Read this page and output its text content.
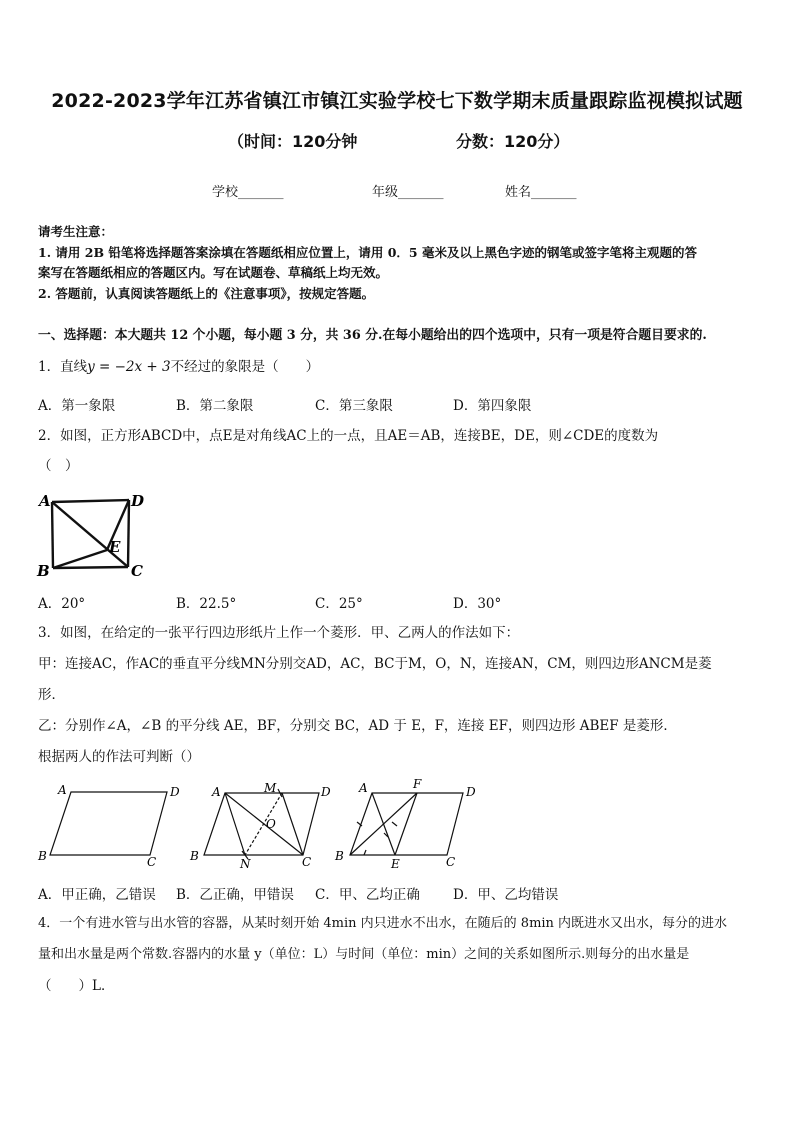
2022-2023学年江苏省镇江市镇江实验学校七下数学期末质量跟踪监视模拟试题
（时间：120分钟	分数：120分）
学校_______	年级_______	姓名_______
请考生注意：
1. 请用 2B 铅笔将选择题答案涂填在答题纸相应位置上，请用 0．5 毫米及以上黑色字迹的钢笔或签字笔将主观题的答
案写在答题纸相应的答题区内。写在试题卷、草稿纸上均无效。
2. 答题前，认真阅读答题纸上的《注意事项》，按规定答题。
一、选择题：本大题共 12 个小题，每小题 3 分，共 36 分.在每小题给出的四个选项中，只有一项是符合题目要求的.
1．直线y = −2x + 3不经过的象限是（　　）
A．第一象限	B．第二象限	C．第三象限	D．第四象限
2．如图，正方形ABCD中，点E是对角线AC上的一点，且AE＝AB，连接BE，DE，则∠CDE的度数为
（　）
A	D
B	C
E
A．20°	B．22.5°	C．25°	D．30°
3．如图，在给定的一张平行四边形纸片上作一个菱形．甲、乙两人的作法如下：
甲：连接AC，作AC的垂直平分线MN分别交AD，AC，BC于M，O，N，连接AN，CM，则四边形ANCM是菱
形．
乙：分别作∠A，∠B 的平分线 AE，BF，分别交 BC，AD 于 E，F，连接 EF，则四边形 ABEF 是菱形．
根据两人的作法可判断（）
A	D
B	C
A	M	D
O
B
N	C
A	F
D
B
E	C
A．甲正确，乙错误 B．乙正确，甲错误 C．甲、乙均正确 D．甲、乙均错误
4．一个有进水管与出水管的容器，从某时刻开始 4min 内只进水不出水，在随后的 8min 内既进水又出水，每分的进水
量和出水量是两个常数.容器内的水量 y（单位：L）与时间（单位：min）之间的关系如图所示.则每分的出水量是
（　　）L．
